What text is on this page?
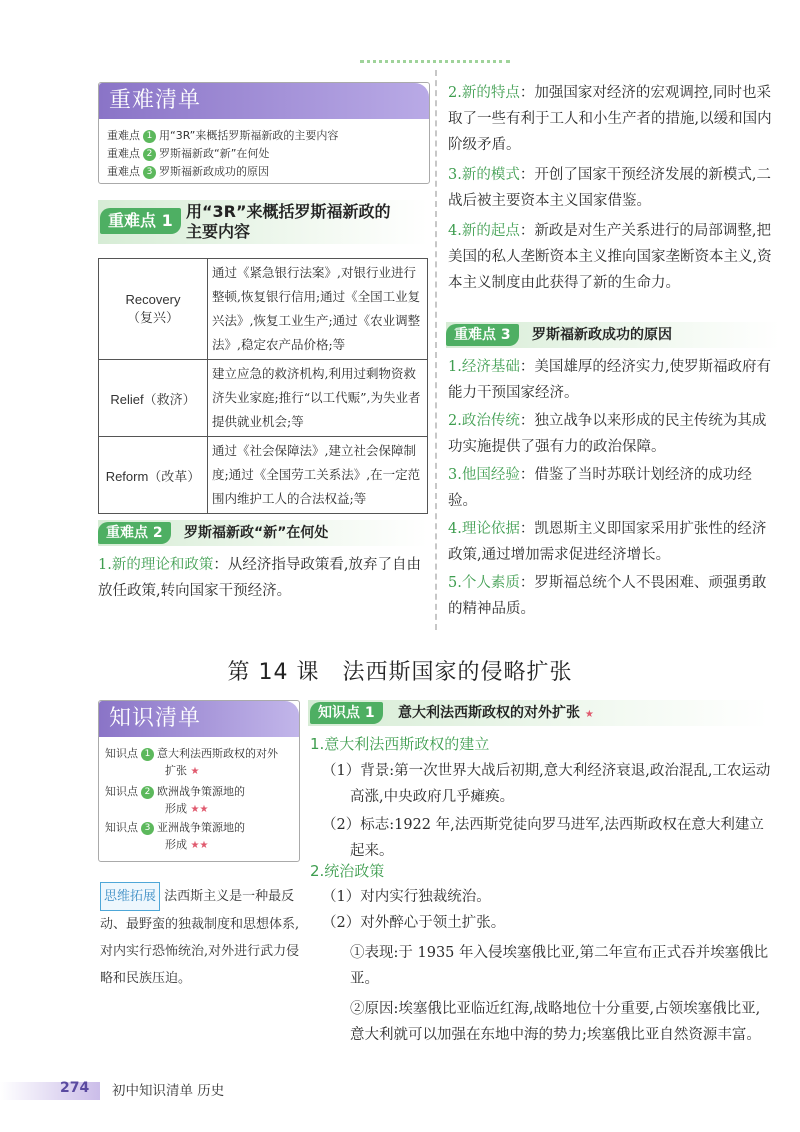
重难清单
重难点 1 用“3R”来概括罗斯福新政的主要内容
重难点 2 罗斯福新政“新”在何处
重难点 3 罗斯福新政成功的原因
重难点 1 用“3R”来概括罗斯福新政的
主要内容
Recovery
（复兴）	通过《紧急银行法案》,对银行业进行整顿,恢复银行信用;通过《全国工业复兴法》,恢复工业生产;通过《农业调整法》,稳定农产品价格;等

Relief（救济）	建立应急的救济机构,利用过剩物资救济失业家庭;推行“以工代赈”,为失业者提供就业机会;等

Reform（改革）	通过《社会保障法》,建立社会保障制度;通过《全国劳工关系法》,在一定范围内维护工人的合法权益;等
重难点 2	罗斯福新政“新”在何处
1.新的理论和政策：从经济指导政策看,放弃了自由放任政策,转向国家干预经济。
2.新的特点：加强国家对经济的宏观调控,同时也采取了一些有利于工人和小生产者的措施,以缓和国内阶级矛盾。
3.新的模式：开创了国家干预经济发展的新模式,二战后被主要资本主义国家借鉴。
4.新的起点：新政是对生产关系进行的局部调整,把美国的私人垄断资本主义推向国家垄断资本主义,资本主义制度由此获得了新的生命力。
重难点 3	罗斯福新政成功的原因
1.经济基础：美国雄厚的经济实力,使罗斯福政府有能力干预国家经济。
2.政治传统：独立战争以来形成的民主传统为其成功实施提供了强有力的政治保障。
3.他国经验：借鉴了当时苏联计划经济的成功经验。
4.理论依据：凯恩斯主义即国家采用扩张性的经济政策,通过增加需求促进经济增长。
5.个人素质：罗斯福总统个人不畏困难、顽强勇敢的精神品质。
第 14 课　法西斯国家的侵略扩张
知识清单
知识点 1 意大利法西斯政权的对外
扩张 ★
知识点 2 欧洲战争策源地的
形成 ★★
知识点 3 亚洲战争策源地的
形成 ★★
思维拓展 法西斯主义是一种最反动、最野蛮的独裁制度和思想体系,对内实行恐怖统治,对外进行武力侵略和民族压迫。
知识点 1	意大利法西斯政权的对外扩张 ★
1.意大利法西斯政权的建立
（1）背景:第一次世界大战后初期,意大利经济衰退,政治混乱,工农运动高涨,中央政府几乎瘫痪。
（2）标志:1922 年,法西斯党徒向罗马进军,法西斯政权在意大利建立起来。
2.统治政策
（1）对内实行独裁统治。
（2）对外醉心于领土扩张。
①表现:于 1935 年入侵埃塞俄比亚,第二年宣布正式吞并埃塞俄比亚。
②原因:埃塞俄比亚临近红海,战略地位十分重要,占领埃塞俄比亚,意大利就可以加强在东地中海的势力;埃塞俄比亚自然资源丰富。
274 初中知识清单 历史
